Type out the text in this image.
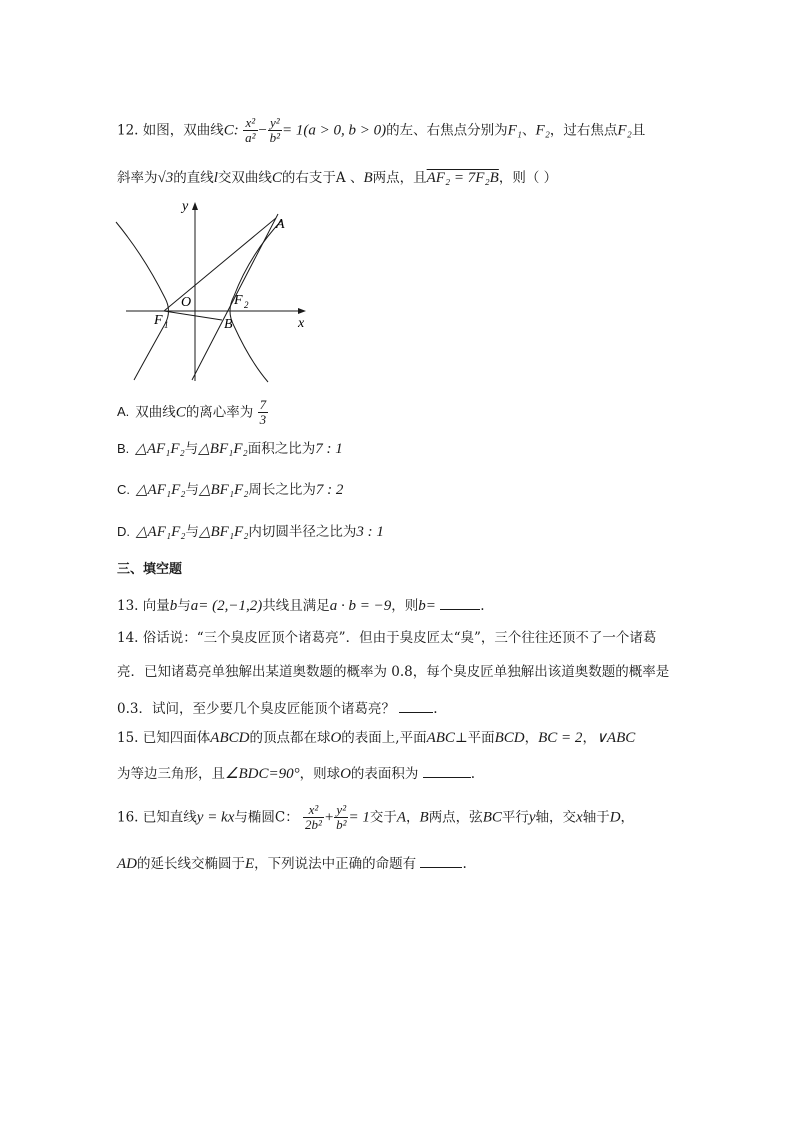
12. 如图，双曲线C: $\frac{\text{x²}}{\text{a²}} - \frac{\text{y²}}{\text{b²}} = 1(a > 0$, b > 0)的左、右焦点分别为F₁、F₂，过右焦点F₂且
斜率为√3的直线l交双曲线C的右支于A 、B两点，且AF₂ = 7F₂B，则（ ）
y
x
O
A
B
F 1
F 2
A. 双曲线C的离心率为 $\frac{7}{3}$
B. △AF₁F₂与△BF₁F₂面积之比为7 : 1
C. △AF₁F₂与△BF₁F₂周长之比为7 : 2
D. △AF₁F₂与△BF₁F₂内切圆半径之比为3 : 1
三、填空题
13. 向量b与a= (2,−1,2)共线且满足a · b = −9，则b=	.
14. 俗话说：“三个臭皮匠顶个诸葛亮”．但由于臭皮匠太“臭”，三个往往还顶不了一个诸葛
亮．已知诸葛亮单独解出某道奥数题的概率为 0.8，每个臭皮匠单独解出该道奥数题的概率是
0.3．试问，至少要几个臭皮匠能顶个诸葛亮？	.
15. 已知四面体ABCD的顶点都在球O的表面上,平面ABC⊥平面BCD，BC = 2，∨ABC
为等边三角形，且∠BDC=90°，则球O的表面积为	.
16. 已知直线y = kx与椭圆C： $\frac{\text{x²}}{\text{2b²}} + \frac{\text{y²}}{\text{b²}} = 1$交于A，B两点，弦BC平行y轴，交x轴于D，
AD的延长线交椭圆于E，下列说法中正确的命题有	.
